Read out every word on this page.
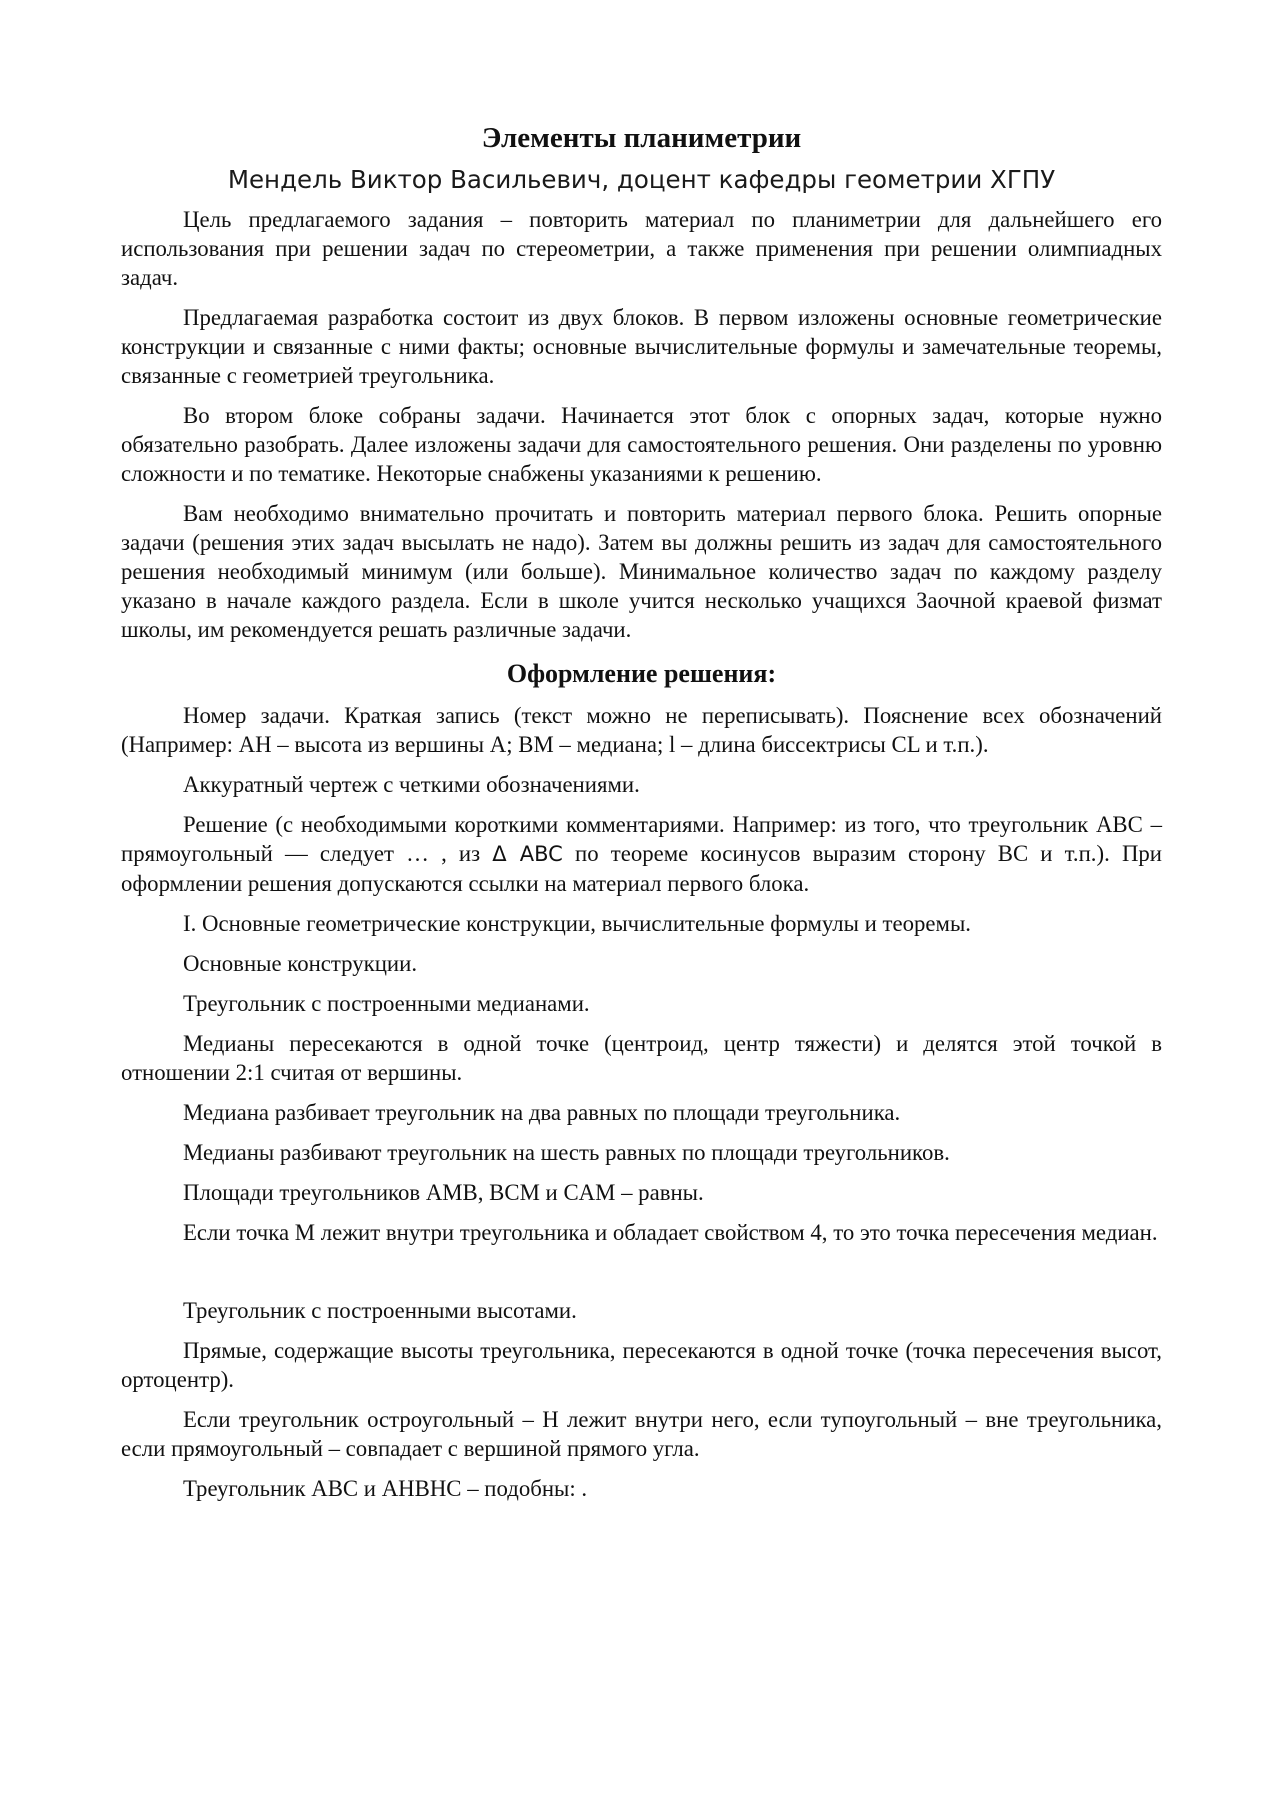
Элементы планиметрии
Мендель Виктор Васильевич, доцент кафедры геометрии ХГПУ

Цель предлагаемого задания – повторить материал по планиметрии для дальнейшего его использования при решении задач по стереометрии, а также применения при решении олимпиадных задач.

Предлагаемая разработка состоит из двух блоков. В первом изложены основные геометрические конструкции и связанные с ними факты; основные вычислительные формулы и замечательные теоремы, связанные с геометрией треугольника.

Во втором блоке собраны задачи. Начинается этот блок с опорных задач, которые нужно обязательно разобрать. Далее изложены задачи для самостоятельного решения. Они разделены по уровню сложности и по тематике. Некоторые снабжены указаниями к решению.

Вам необходимо внимательно прочитать и повторить материал первого блока. Решить опорные задачи (решения этих задач высылать не надо). Затем вы должны решить из задач для самостоятельного решения необходимый минимум (или больше). Минимальное количество задач по каждому разделу указано в начале каждого раздела. Если в школе учится несколько учащихся Заочной краевой физмат школы, им рекомендуется решать различные задачи.

Оформление решения:

Номер задачи. Краткая запись (текст можно не переписывать). Пояснение всех обозначений (Например: AH – высота из вершины A; BM – медиана; l – длина биссектрисы CL и т.п.).

Аккуратный чертеж с четкими обозначениями.

Решение (с необходимыми короткими комментариями. Например: из того, что треугольник ABC – прямоугольный — следует … , из Δ ABC по теореме косинусов выразим сторону BC и т.п.). При оформлении решения допускаются ссылки на материал первого блока.

I. Основные геометрические конструкции, вычислительные формулы и теоремы.

Основные конструкции.

Треугольник с построенными медианами.

Медианы пересекаются в одной точке (центроид, центр тяжести) и делятся этой точкой в отношении 2:1 считая от вершины.

Медиана разбивает треугольник на два равных по площади треугольника.

Медианы разбивают треугольник на шесть равных по площади треугольников.

Площади треугольников AMB, BCM и CAM – равны.

Если точка M лежит внутри треугольника и обладает свойством 4, то это точка пересечения медиан.

Треугольник с построенными высотами.

Прямые, содержащие высоты треугольника, пересекаются в одной точке (точка пересечения высот, ортоцентр).

Если треугольник остроугольный – H лежит внутри него, если тупоугольный – вне треугольника, если прямоугольный – совпадает с вершиной прямого угла.

Треугольник ABC и AHBHC – подобны: .
